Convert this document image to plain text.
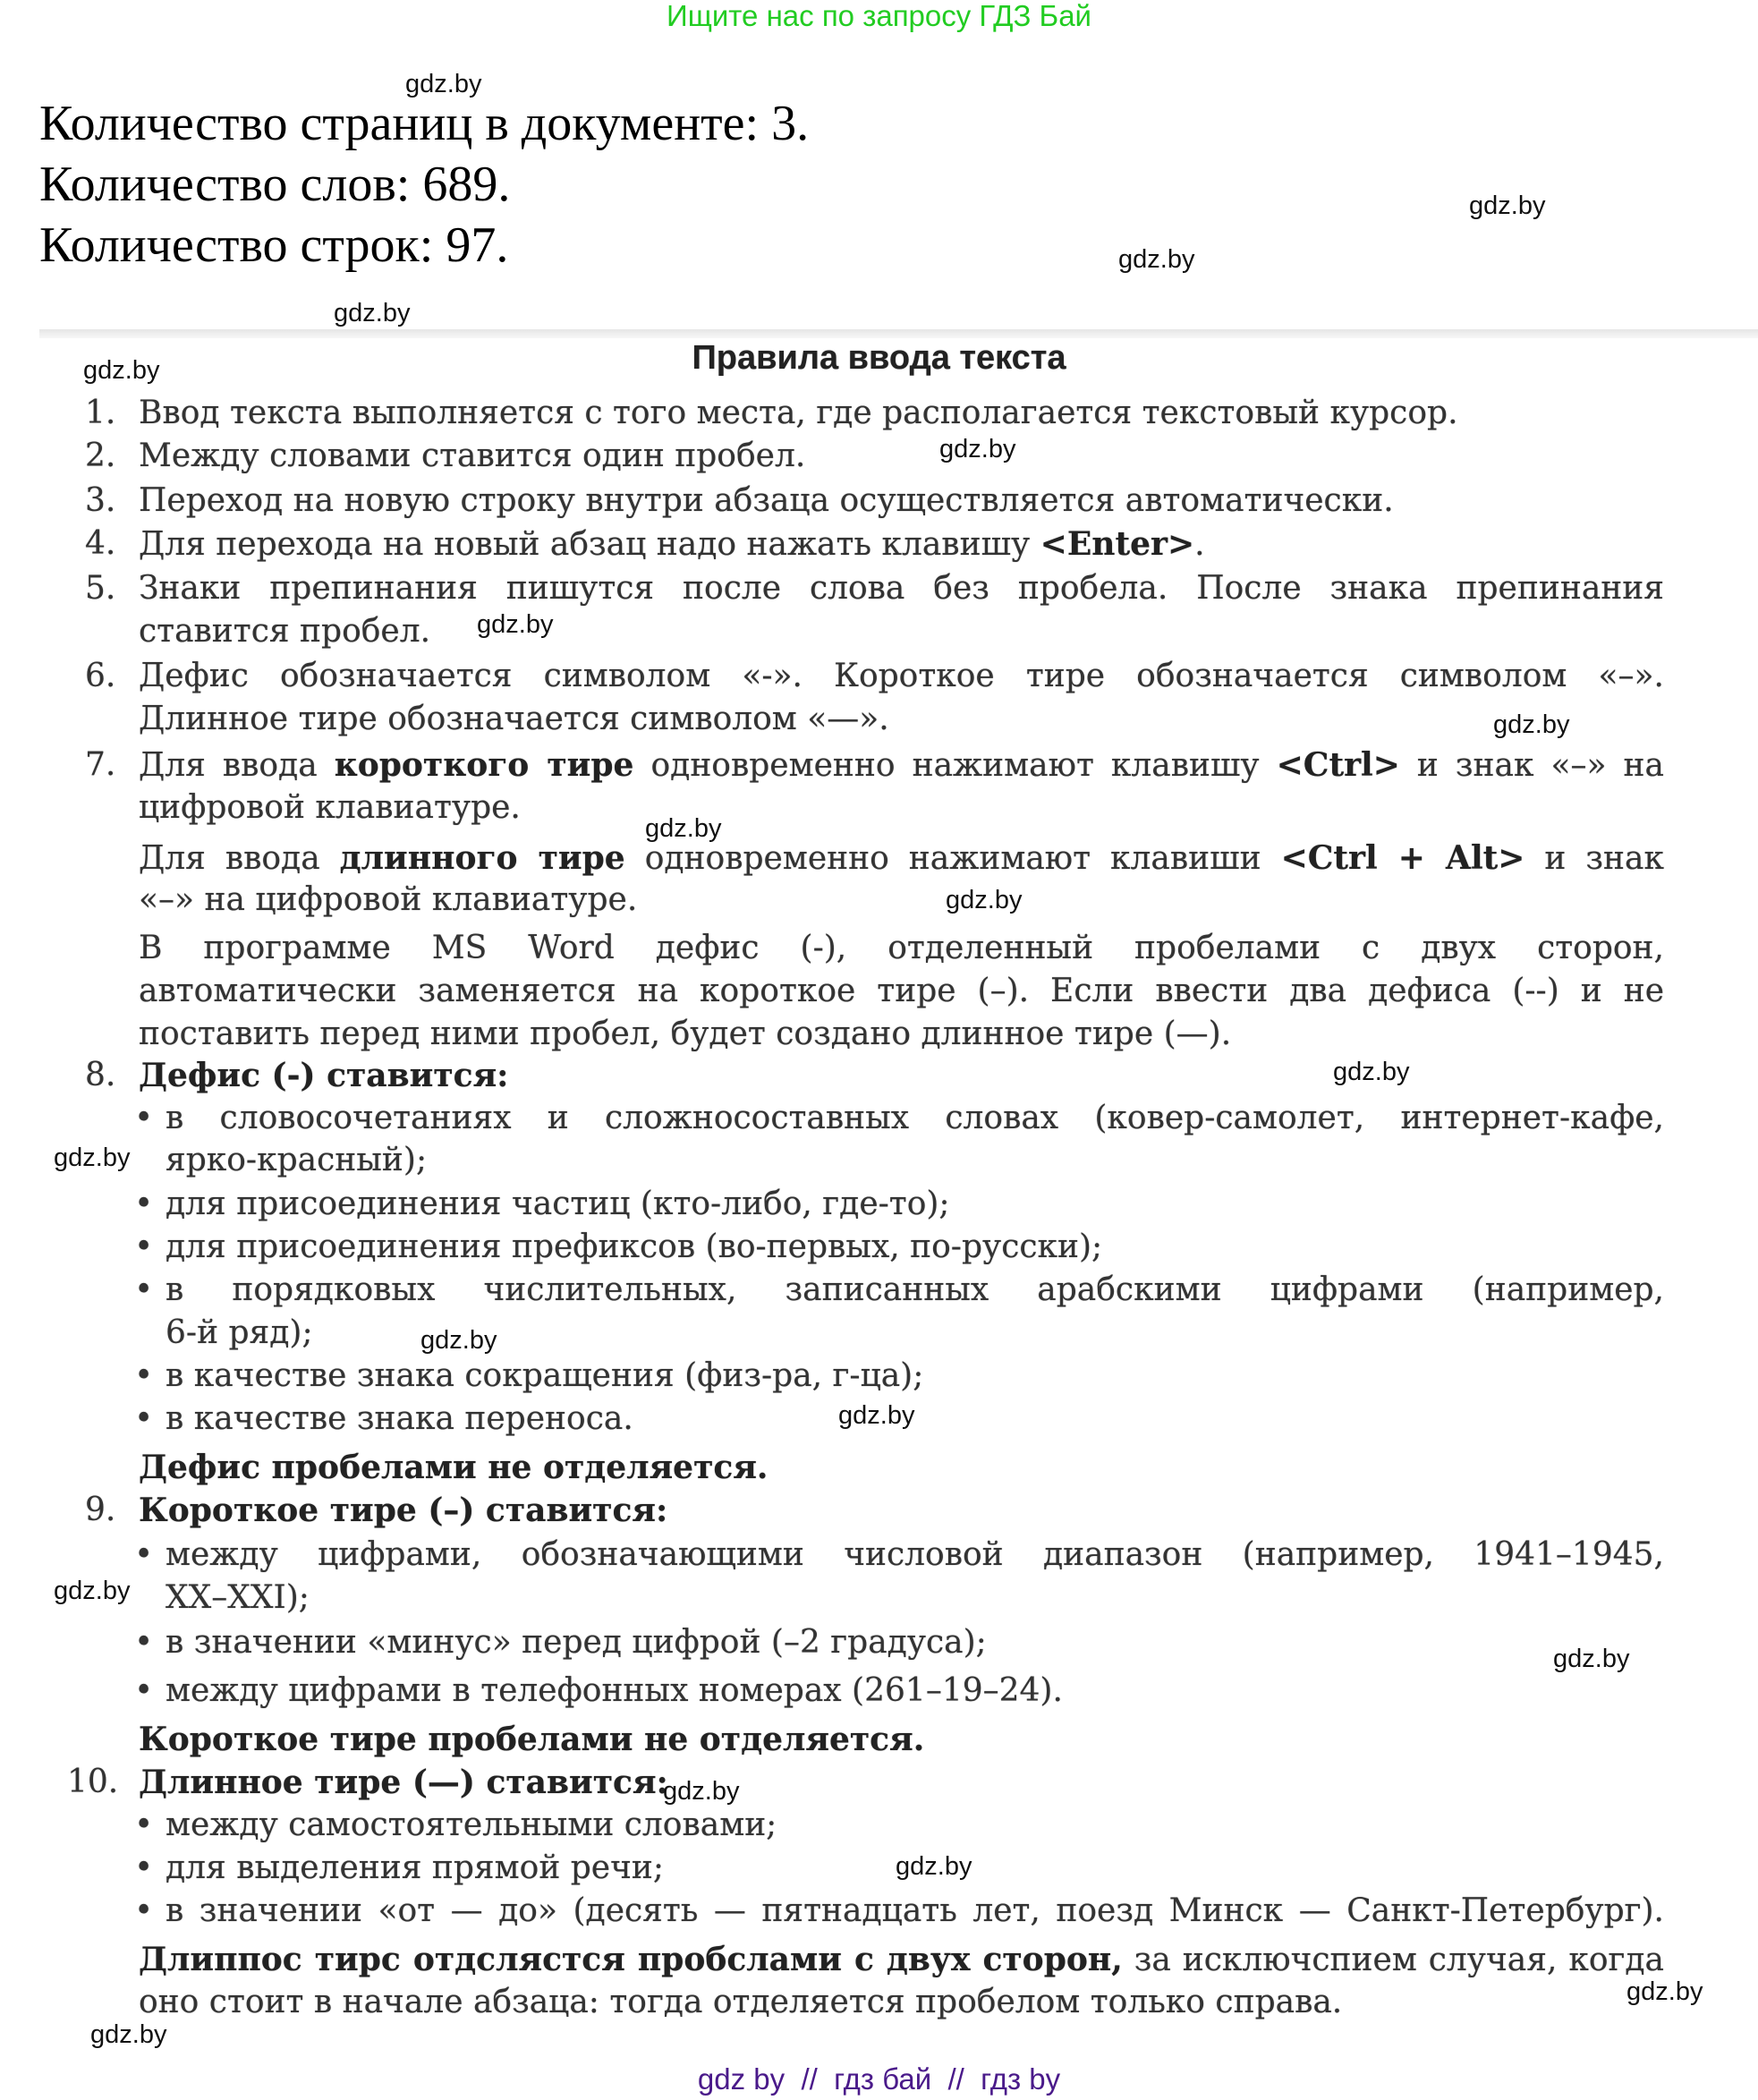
Ищите нас по запросу ГДЗ Бай
Количество страниц в документе: 3.
Количество слов: 689.
Количество строк: 97.
Правила ввода текста
1. Ввод текста выполняется с того места, где располагается текстовый курсор.
2. Между словами ставится один пробел.
3. Переход на новую строку внутри абзаца осуществляется автоматически.
4. Для перехода на новый абзац надо нажать клавишу <Enter>.
5. Знаки препинания пишутся после слова без пробела. После знака препинания
ставится пробел.
6. Дефис обозначается символом «-». Короткое тире обозначается символом «–».
Длинное тире обозначается символом «—».
7. Для ввода короткого тире одновременно нажимают клавишу <Ctrl> и знак «–» на
цифровой клавиатуре.
Для ввода длинного тире одновременно нажимают клавиши <Ctrl + Alt> и знак
«–» на цифровой клавиатуре.
В программе MS Word дефис (-), отделенный пробелами с двух сторон,
автоматически заменяется на короткое тире (–). Если ввести два дефиса (--) и не
поставить перед ними пробел, будет создано длинное тире (—).
8. Дефис (-) ставится:
• в словосочетаниях и сложносоставных словах (ковер-самолет, интернет-кафе,
ярко-красный);
• для присоединения частиц (кто-либо, где-то);
• для присоединения префиксов (во-первых, по-русски);
• в порядковых числительных, записанных арабскими цифрами (например,
6-й ряд);
• в качестве знака сокращения (физ-ра, г-ца);
• в качестве знака переноса.
Дефис пробелами не отделяется.
9. Короткое тире (–) ставится:
• между цифрами, обозначающими числовой диапазон (например, 1941–1945,
XX–XXI);
• в значении «минус» перед цифрой (–2 градуса);
• между цифрами в телефонных номерах (261–19–24).
Короткое тире пробелами не отделяется.
10. Длинное тире (—) ставится:
• между самостоятельными словами;
• для выделения прямой речи;
• в значении «от — до» (десять — пятнадцать лет, поезд Минск — Санкт-Петербург).
Длиппос тирс отдслястся пробслами с двух сторон, за исключспием случая, когда
оно стоит в начале абзаца: тогда отделяется пробелом только справа.
gdz.by
gdz.by
gdz.by
gdz.by
gdz.by
gdz.by
gdz.by
gdz.by
gdz.by
gdz.by
gdz.by
gdz.by
gdz.by
gdz.by
gdz.by
gdz.by
gdz.by
gdz.by
gdz.by
gdz.by
gdz by  //  гдз бай  //  гдз by
